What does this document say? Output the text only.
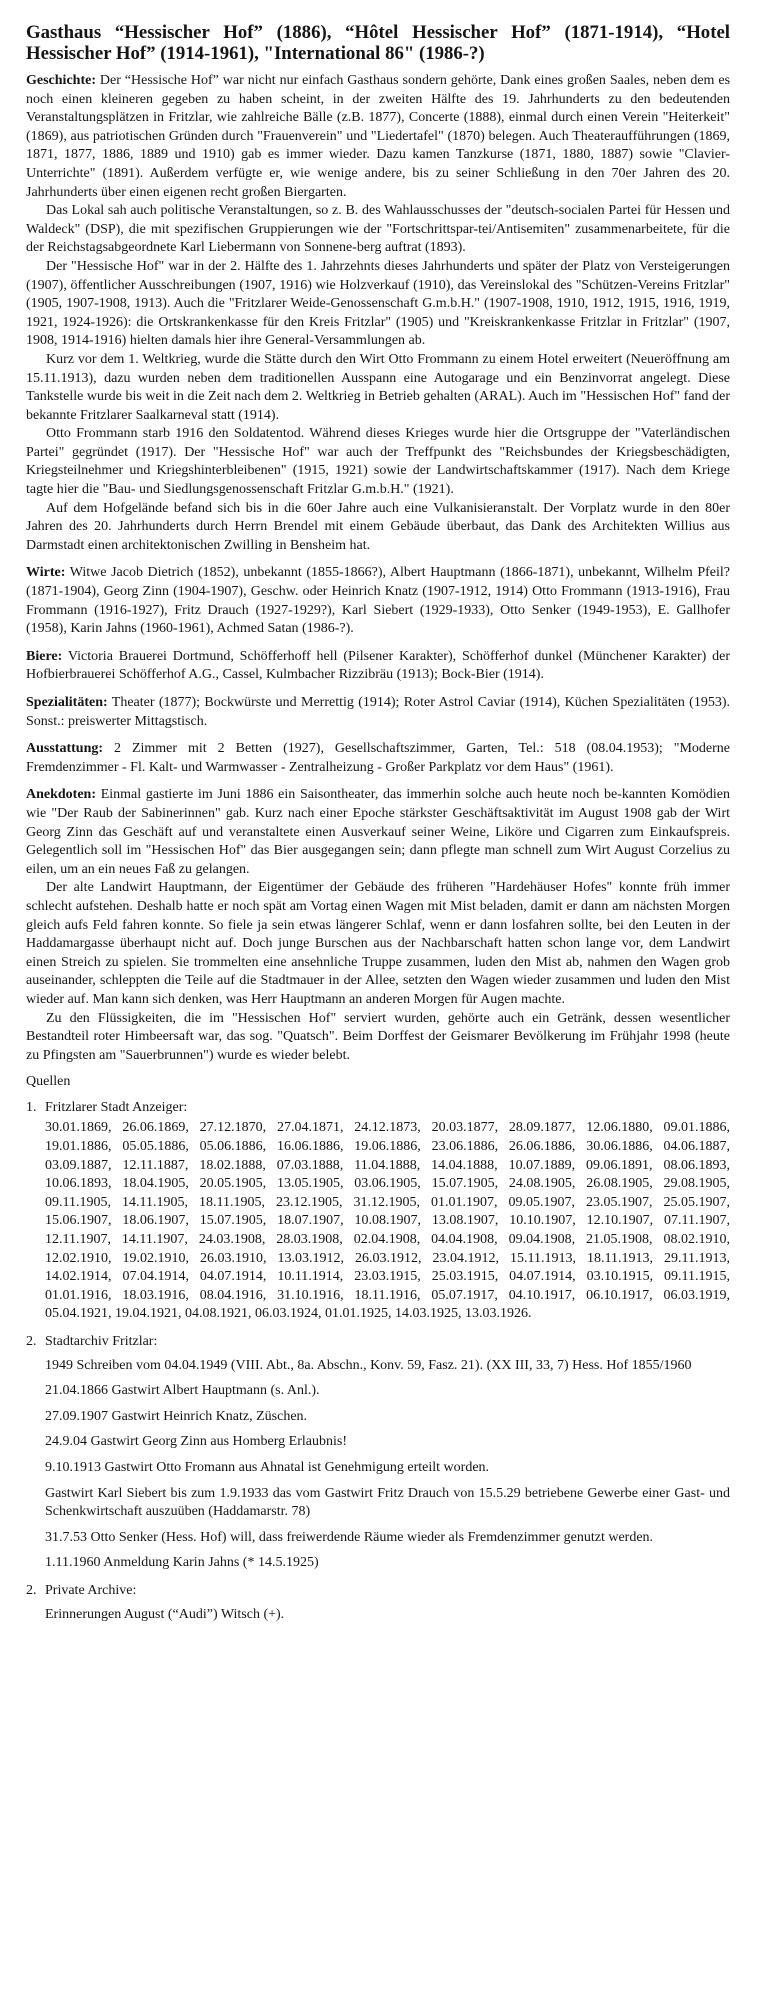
Gasthaus “Hessischer Hof” (1886), “Hôtel Hessischer Hof” (1871-1914), “Hotel Hessischer Hof” (1914-1961), "International 86" (1986-?)

Geschichte: Der “Hessische Hof” war nicht nur einfach Gasthaus sondern gehörte, Dank eines großen Saales, neben dem es noch einen kleineren gegeben zu haben scheint, in der zweiten Hälfte des 19. Jahrhunderts zu den bedeutenden Veranstaltungsplätzen in Fritzlar, wie zahlreiche Bälle (z.B. 1877), Concerte (1888), einmal durch einen Verein "Heiterkeit" (1869), aus patriotischen Gründen durch "Frauenverein" und "Liedertafel" (1870) belegen. Auch Theateraufführungen (1869, 1871, 1877, 1886, 1889 und 1910) gab es immer wieder. Dazu kamen Tanzkurse (1871, 1880, 1887) sowie "Clavier-Unterrichte" (1891). Außerdem verfügte er, wie wenige andere, bis zu seiner Schließung in den 70er Jahren des 20. Jahrhunderts über einen eigenen recht großen Biergarten.

Das Lokal sah auch politische Veranstaltungen, so z. B. des Wahlausschusses der "deutsch-socialen Partei für Hessen und Waldeck" (DSP), die mit spezifischen Gruppierungen wie der "Fortschrittspar-tei/Antisemiten" zusammenarbeitete, für die der Reichstagsabgeordnete Karl Liebermann von Sonnene-berg auftrat (1893).

Der "Hessische Hof" war in der 2. Hälfte des 1. Jahrzehnts dieses Jahrhunderts und später der Platz von Versteigerungen (1907), öffentlicher Ausschreibungen (1907, 1916) wie Holzverkauf (1910), das Vereinslokal des "Schützen-Vereins Fritzlar" (1905, 1907-1908, 1913). Auch die "Fritzlarer Weide-Genossenschaft G.m.b.H." (1907-1908, 1910, 1912, 1915, 1916, 1919, 1921, 1924-1926): die Ortskrankenkasse für den Kreis Fritzlar" (1905) und "Kreiskrankenkasse Fritzlar in Fritzlar" (1907, 1908, 1914-1916) hielten damals hier ihre General-Versammlungen ab.

Kurz vor dem 1. Weltkrieg, wurde die Stätte durch den Wirt Otto Frommann zu einem Hotel erweitert (Neueröffnung am 15.11.1913), dazu wurden neben dem traditionellen Ausspann eine Autogarage und ein Benzinvorrat angelegt. Diese Tankstelle wurde bis weit in die Zeit nach dem 2. Weltkrieg in Betrieb gehalten (ARAL). Auch im "Hessischen Hof" fand der bekannte Fritzlarer Saalkarneval statt (1914).

Otto Frommann starb 1916 den Soldatentod. Während dieses Krieges wurde hier die Ortsgruppe der "Vaterländischen Partei" gegründet (1917). Der "Hessische Hof" war auch der Treffpunkt des "Reichsbundes der Kriegsbeschädigten, Kriegsteilnehmer und Kriegshinterbleibenen" (1915, 1921) sowie der Landwirtschaftskammer (1917). Nach dem Kriege tagte hier die "Bau- und Siedlungsgenossenschaft Fritzlar G.m.b.H." (1921).

Auf dem Hofgelände befand sich bis in die 60er Jahre auch eine Vulkanisieranstalt. Der Vorplatz wurde in den 80er Jahren des 20. Jahrhunderts durch Herrn Brendel mit einem Gebäude überbaut, das Dank des Architekten Willius aus Darmstadt einen architektonischen Zwilling in Bensheim hat.

Wirte: Witwe Jacob Dietrich (1852), unbekannt (1855-1866?), Albert Hauptmann (1866-1871), unbekannt, Wilhelm Pfeil? (1871-1904), Georg Zinn (1904-1907), Geschw. oder Heinrich Knatz (1907-1912, 1914) Otto Frommann (1913-1916), Frau Frommann (1916-1927), Fritz Drauch (1927-1929?), Karl Siebert (1929-1933), Otto Senker (1949-1953), E. Gallhofer (1958), Karin Jahns (1960-1961), Achmed Satan (1986-?).

Biere: Victoria Brauerei Dortmund, Schöfferhoff hell (Pilsener Karakter), Schöfferhof dunkel (Münchener Karakter) der Hofbierbrauerei Schöfferhof A.G., Cassel, Kulmbacher Rizzibräu (1913); Bock-Bier (1914).

Spezialitäten: Theater (1877); Bockwürste und Merrettig (1914); Roter Astrol Caviar (1914), Küchen Spezialitäten (1953). Sonst.: preiswerter Mittagstisch.

Ausstattung: 2 Zimmer mit 2 Betten (1927), Gesellschaftszimmer, Garten, Tel.: 518 (08.04.1953); "Moderne Fremdenzimmer - Fl. Kalt- und Warmwasser - Zentralheizung - Großer Parkplatz vor dem Haus" (1961).

Anekdoten: Einmal gastierte im Juni 1886 ein Saisontheater, das immerhin solche auch heute noch be-kannten Komödien wie "Der Raub der Sabinerinnen" gab. Kurz nach einer Epoche stärkster Geschäftsaktivität im August 1908 gab der Wirt Georg Zinn das Geschäft auf und veranstaltete einen Ausverkauf seiner Weine, Liköre und Cigarren zum Einkaufspreis. Gelegentlich soll im "Hessischen Hof" das Bier ausgegangen sein; dann pflegte man schnell zum Wirt August Corzelius zu eilen, um an ein neues Faß zu gelangen.

Der alte Landwirt Hauptmann, der Eigentümer der Gebäude des früheren "Hardehäuser Hofes" konnte früh immer schlecht aufstehen. Deshalb hatte er noch spät am Vortag einen Wagen mit Mist beladen, damit er dann am nächsten Morgen gleich aufs Feld fahren konnte. So fiele ja sein etwas längerer Schlaf, wenn er dann losfahren sollte, bei den Leuten in der Haddamargasse überhaupt nicht auf. Doch junge Burschen aus der Nachbarschaft hatten schon lange vor, dem Landwirt einen Streich zu spielen. Sie trommelten eine ansehnliche Truppe zusammen, luden den Mist ab, nahmen den Wagen grob auseinander, schleppten die Teile auf die Stadtmauer in der Allee, setzten den Wagen wieder zusammen und luden den Mist wieder auf. Man kann sich denken, was Herr Hauptmann an anderen Morgen für Augen machte.

Zu den Flüssigkeiten, die im "Hessischen Hof" serviert wurden, gehörte auch ein Getränk, dessen wesentlicher Bestandteil roter Himbeersaft war, das sog. "Quatsch". Beim Dorffest der Geismarer Bevölkerung im Frühjahr 1998 (heute zu Pfingsten am "Sauerbrunnen") wurde es wieder belebt.

Quellen
1. Fritzlarer Stadt Anzeiger:
30.01.1869, 26.06.1869, 27.12.1870, 27.04.1871, 24.12.1873, 20.03.1877, 28.09.1877, 12.06.1880, 09.01.1886, 19.01.1886, 05.05.1886, 05.06.1886, 16.06.1886, 19.06.1886, 23.06.1886, 26.06.1886, 30.06.1886, 04.06.1887, 03.09.1887, 12.11.1887, 18.02.1888, 07.03.1888, 11.04.1888, 14.04.1888, 10.07.1889, 09.06.1891, 08.06.1893, 10.06.1893, 18.04.1905, 20.05.1905, 13.05.1905, 03.06.1905, 15.07.1905, 24.08.1905, 26.08.1905, 29.08.1905, 09.11.1905, 14.11.1905, 18.11.1905, 23.12.1905, 31.12.1905, 01.01.1907, 09.05.1907, 23.05.1907, 25.05.1907, 15.06.1907, 18.06.1907, 15.07.1905, 18.07.1907, 10.08.1907, 13.08.1907, 10.10.1907, 12.10.1907, 07.11.1907, 12.11.1907, 14.11.1907, 24.03.1908, 28.03.1908, 02.04.1908, 04.04.1908, 09.04.1908, 21.05.1908, 08.02.1910, 12.02.1910, 19.02.1910, 26.03.1910, 13.03.1912, 26.03.1912, 23.04.1912, 15.11.1913, 18.11.1913, 29.11.1913, 14.02.1914, 07.04.1914, 04.07.1914, 10.11.1914, 23.03.1915, 25.03.1915, 04.07.1914, 03.10.1915, 09.11.1915, 01.01.1916, 18.03.1916, 08.04.1916, 31.10.1916, 18.11.1916, 05.07.1917, 04.10.1917, 06.10.1917, 06.03.1919, 05.04.1921, 19.04.1921, 04.08.1921, 06.03.1924, 01.01.1925, 14.03.1925, 13.03.1926.
2. Stadtarchiv Fritzlar:
1949 Schreiben vom 04.04.1949 (VIII. Abt., 8a. Abschn., Konv. 59, Fasz. 21). (XX III, 33, 7) Hess. Hof 1855/1960
21.04.1866 Gastwirt Albert Hauptmann (s. Anl.).
27.09.1907 Gastwirt Heinrich Knatz, Züschen.
24.9.04 Gastwirt Georg Zinn aus Homberg Erlaubnis!
9.10.1913 Gastwirt Otto Fromann aus Ahnatal ist Genehmigung erteilt worden.
Gastwirt Karl Siebert bis zum 1.9.1933 das vom Gastwirt Fritz Drauch von 15.5.29 betriebene Gewerbe einer Gast- und Schenkwirtschaft auszuüben (Haddamarstr. 78)
31.7.53 Otto Senker (Hess. Hof) will, dass freiwerdende Räume wieder als Fremdenzimmer genutzt werden.
1.11.1960 Anmeldung Karin Jahns (* 14.5.1925)
2. Private Archive:
Erinnerungen August (“Audi”) Witsch (+).
